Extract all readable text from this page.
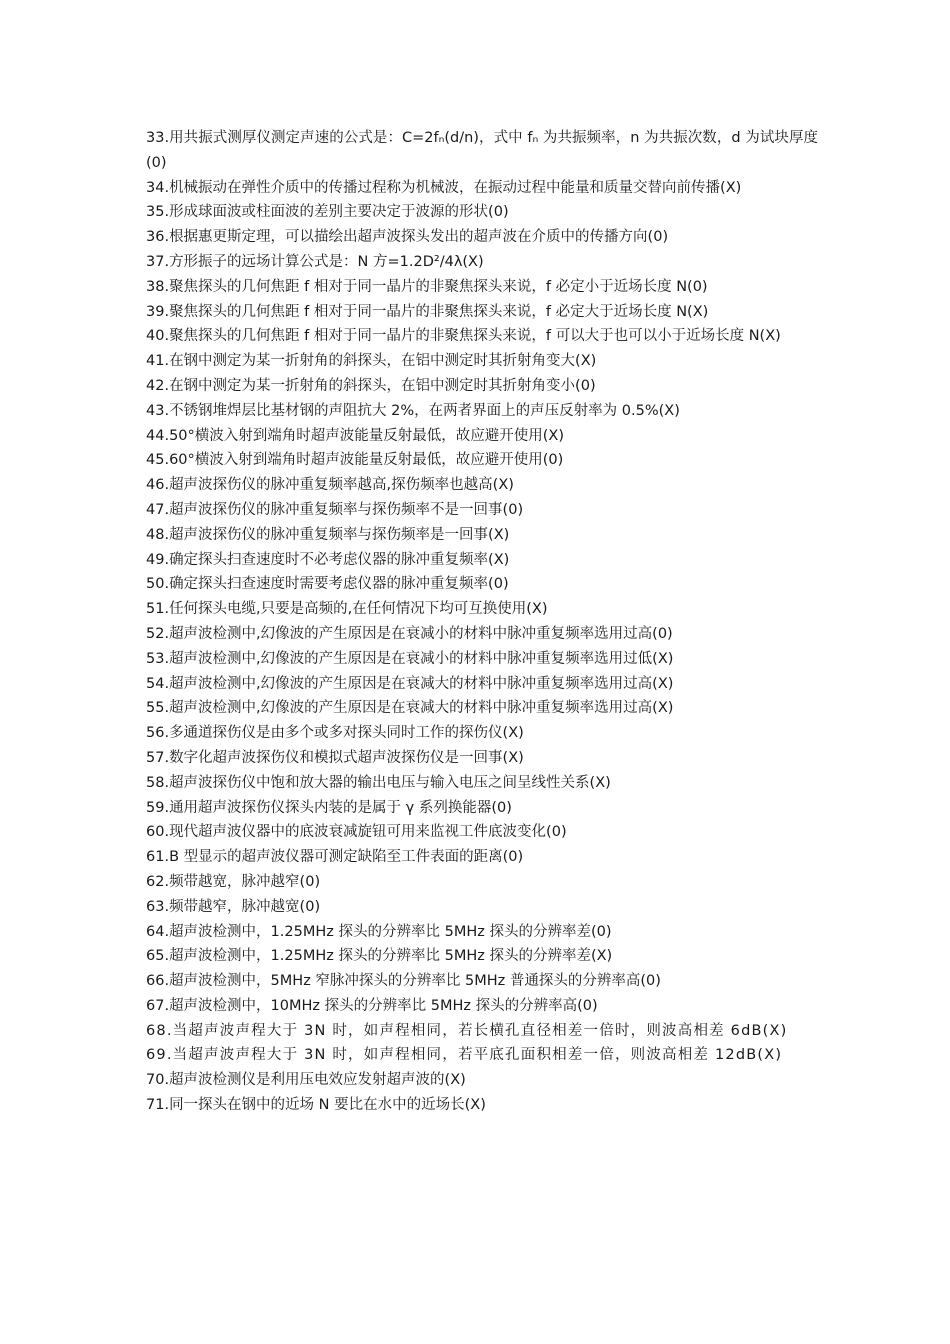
33.用共振式测厚仪测定声速的公式是：C=2fₙ(d/n)，式中 fₙ 为共振频率，n 为共振次数，d 为试块厚度(0)
34.机械振动在弹性介质中的传播过程称为机械波，在振动过程中能量和质量交替向前传播(X)
35.形成球面波或柱面波的差别主要决定于波源的形状(0)
36.根据惠更斯定理，可以描绘出超声波探头发出的超声波在介质中的传播方向(0)
37.方形振子的远场计算公式是：N 方=1.2D²/4λ(X)
38.聚焦探头的几何焦距 f 相对于同一晶片的非聚焦探头来说，f 必定小于近场长度 N(0)
39.聚焦探头的几何焦距 f 相对于同一晶片的非聚焦探头来说，f 必定大于近场长度 N(X)
40.聚焦探头的几何焦距 f 相对于同一晶片的非聚焦探头来说，f 可以大于也可以小于近场长度 N(X)
41.在钢中测定为某一折射角的斜探头，在铝中测定时其折射角变大(X)
42.在钢中测定为某一折射角的斜探头，在铝中测定时其折射角变小(0)
43.不锈钢堆焊层比基材钢的声阻抗大 2%，在两者界面上的声压反射率为 0.5%(X)
44.50°横波入射到端角时超声波能量反射最低，故应避开使用(X)
45.60°横波入射到端角时超声波能量反射最低，故应避开使用(0)
46.超声波探伤仪的脉冲重复频率越高,探伤频率也越高(X)
47.超声波探伤仪的脉冲重复频率与探伤频率不是一回事(0)
48.超声波探伤仪的脉冲重复频率与探伤频率是一回事(X)
49.确定探头扫查速度时不必考虑仪器的脉冲重复频率(X)
50.确定探头扫查速度时需要考虑仪器的脉冲重复频率(0)
51.任何探头电缆,只要是高频的,在任何情况下均可互换使用(X)
52.超声波检测中,幻像波的产生原因是在衰减小的材料中脉冲重复频率选用过高(0)
53.超声波检测中,幻像波的产生原因是在衰减小的材料中脉冲重复频率选用过低(X)
54.超声波检测中,幻像波的产生原因是在衰减大的材料中脉冲重复频率选用过高(X)
55.超声波检测中,幻像波的产生原因是在衰减大的材料中脉冲重复频率选用过高(X)
56.多通道探伤仪是由多个或多对探头同时工作的探伤仪(X)
57.数字化超声波探伤仪和模拟式超声波探伤仪是一回事(X)
58.超声波探伤仪中饱和放大器的输出电压与输入电压之间呈线性关系(X)
59.通用超声波探伤仪探头内装的是属于 γ 系列换能器(0)
60.现代超声波仪器中的底波衰减旋钮可用来监视工件底波变化(0)
61.B 型显示的超声波仪器可测定缺陷至工件表面的距离(0)
62.频带越宽，脉冲越窄(0)
63.频带越窄，脉冲越宽(0)
64.超声波检测中，1.25MHz 探头的分辨率比 5MHz 探头的分辨率差(0)
65.超声波检测中，1.25MHz 探头的分辨率比 5MHz 探头的分辨率差(X)
66.超声波检测中，5MHz 窄脉冲探头的分辨率比 5MHz 普通探头的分辨率高(0)
67.超声波检测中，10MHz 探头的分辨率比 5MHz 探头的分辨率高(0)
68.当超声波声程大于 3N 时，如声程相同，若长横孔直径相差一倍时，则波高相差 6dB(X)
69.当超声波声程大于 3N 时，如声程相同，若平底孔面积相差一倍，则波高相差 12dB(X)
70.超声波检测仪是利用压电效应发射超声波的(X)
71.同一探头在钢中的近场 N 要比在水中的近场长(X)
